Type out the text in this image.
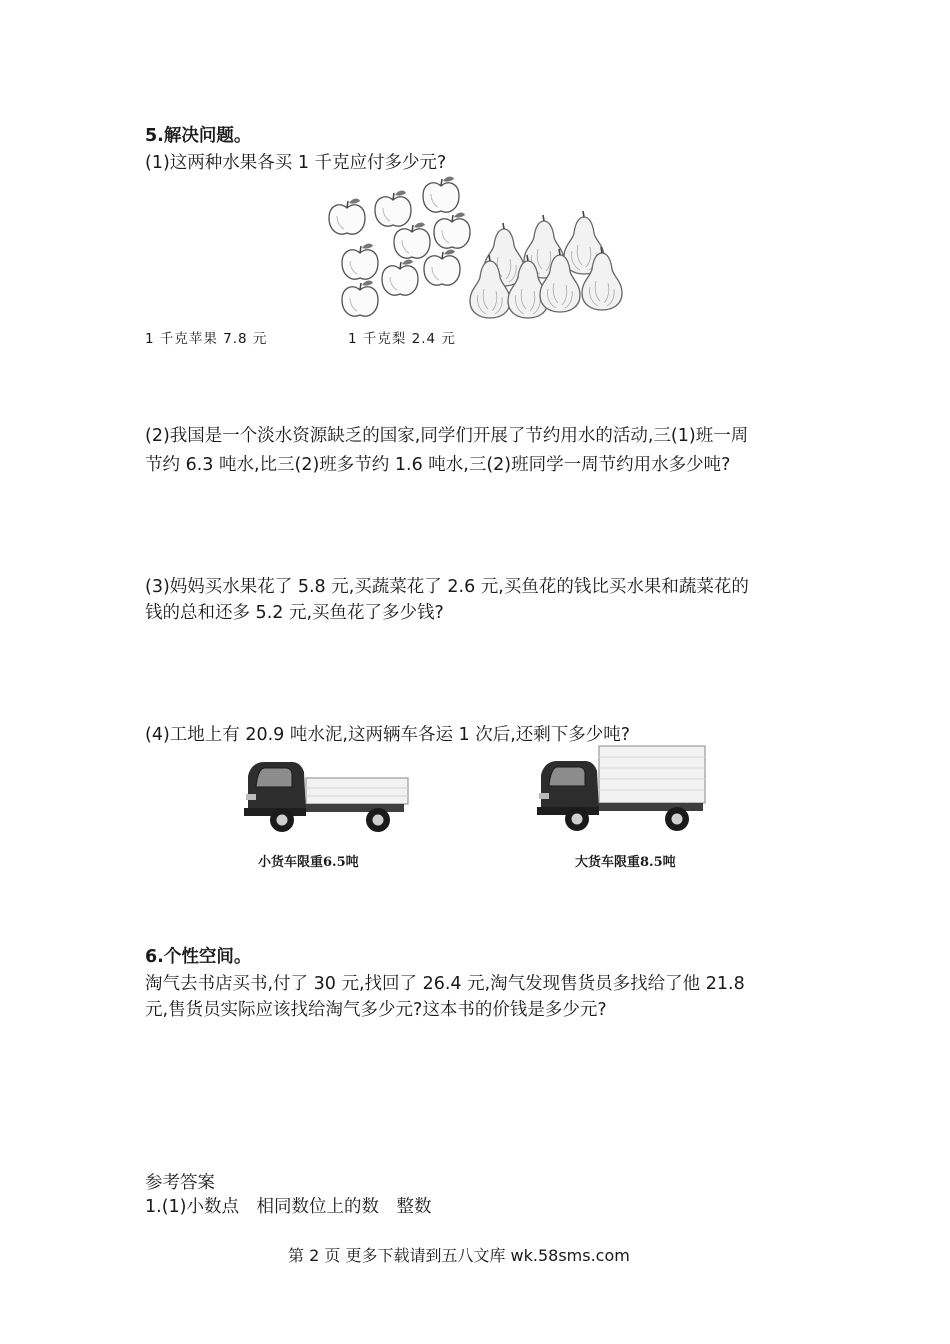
5.解决问题。
(1)这两种水果各买 1 千克应付多少元?
1 千克苹果 7.8 元	1 千克梨 2.4 元
(2)我国是一个淡水资源缺乏的国家,同学们开展了节约用水的活动,三(1)班一周
节约 6.3 吨水,比三(2)班多节约 1.6 吨水,三(2)班同学一周节约用水多少吨?
(3)妈妈买水果花了 5.8 元,买蔬菜花了 2.6 元,买鱼花的钱比买水果和蔬菜花的
钱的总和还多 5.2 元,买鱼花了多少钱?
(4)工地上有 20.9 吨水泥,这两辆车各运 1 次后,还剩下多少吨?
小货车限重6.5吨	大货车限重8.5吨
6.个性空间。
淘气去书店买书,付了 30 元,找回了 26.4 元,淘气发现售货员多找给了他 21.8
元,售货员实际应该找给淘气多少元?这本书的价钱是多少元?
参考答案
1.(1)小数点　相同数位上的数　整数
第 2 页 更多下载请到五八文库 wk.58sms.com
